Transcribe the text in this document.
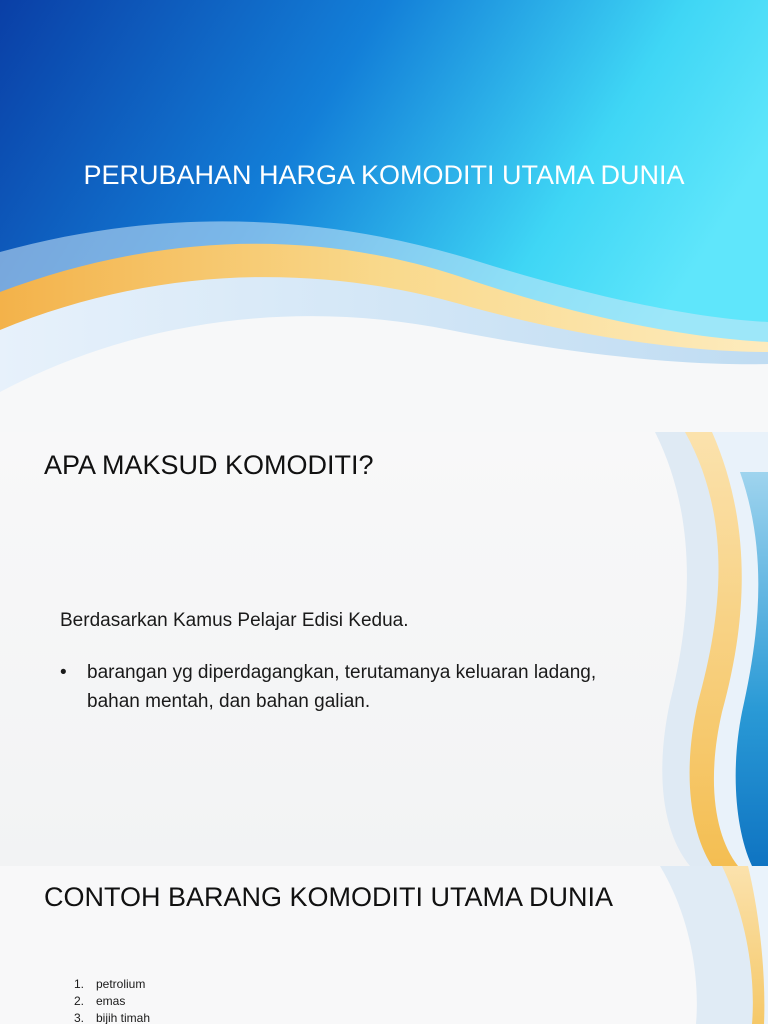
PERUBAHAN HARGA KOMODITI UTAMA DUNIA
APA MAKSUD KOMODITI?
Berdasarkan Kamus Pelajar Edisi Kedua.
•	barangan yg diperdagangkan, terutamanya keluaran ladang, bahan mentah, dan bahan galian.
CONTOH BARANG KOMODITI UTAMA DUNIA
1. petrolium
2. emas
3. bijih timah
